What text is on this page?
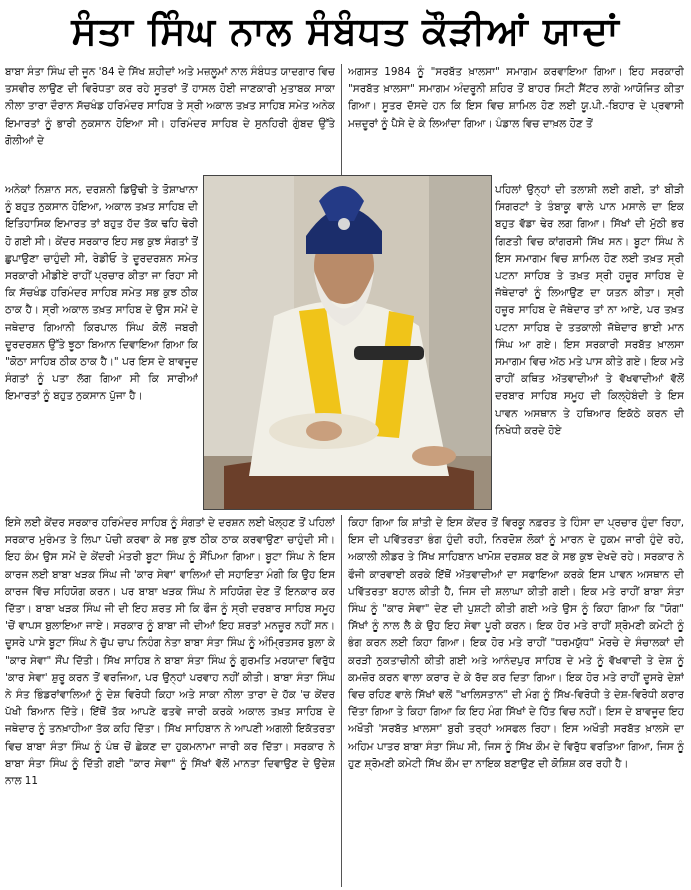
ਸੰਤਾ ਸਿੰਘ ਨਾਲ ਸੰਬੰਧਤ ਕੌੜੀਆਂ ਯਾਦਾਂ

ਬਾਬਾ ਸੰਤਾ ਸਿੰਘ ਦੀ ਜੂਨ '84 ਦੇ ਸਿੱਖ ਸ਼ਹੀਦਾਂ ਅਤੇ ਮਜ਼ਲੂਮਾਂ ਨਾਲ ਸੰਬੰਧਤ ਯਾਦਗਾਰ ਵਿਚ ਤਸਵੀਰ ਲਾਉਣ ਦੀ ਵਿਰੋਧਤਾ ਕਰ ਰਹੇ ਸੂਤਰਾਂ ਤੋਂ ਹਾਸਲ ਹੋਈ ਜਾਣਕਾਰੀ ਮੁਤਾਬਕ ਸਾਕਾ ਨੀਲਾ ਤਾਰਾ ਦੌਰਾਨ ਸੱਚਖੰਡ ਹਰਿਮੰਦਰ ਸਾਹਿਬ ਤੇ ਸ੍ਰੀ ਅਕਾਲ ਤਖ਼ਤ ਸਾਹਿਬ ਸਮੇਤ ਅਨੇਕ ਇਮਾਰਤਾਂ ਨੂੰ ਭਾਰੀ ਨੁਕਸਾਨ ਹੋਇਆ ਸੀ। ਹਰਿਮੰਦਰ ਸਾਹਿਬ ਦੇ ਸੁਨਹਿਰੀ ਗੁੰਬਦ ਉੱਤੇ ਗੋਲੀਆਂ ਦੇ

ਅਗਸਤ 1984 ਨੂੰ "ਸਰਬੱਤ ਖ਼ਾਲਸਾ" ਸਮਾਗਮ ਕਰਵਾਇਆ ਗਿਆ। ਇਹ ਸਰਕਾਰੀ "ਸਰਬੱਤ ਖ਼ਾਲਸਾ" ਸਮਾਗਮ ਅੰਦਰੂਨੀ ਸ਼ਹਿਰ ਤੋਂ ਬਾਹਰ ਸਿਟੀ ਸੈਂਟਰ ਲਾਗੇ ਆਯੋਜਿਤ ਕੀਤਾ ਗਿਆ। ਸੂਤਰ ਦੱਸਦੇ ਹਨ ਕਿ ਇਸ ਵਿਚ ਸ਼ਾਮਿਲ ਹੋਣ ਲਈ ਯੂ.ਪੀ.-ਬਿਹਾਰ ਦੇ ਪ੍ਰਵਾਸੀ ਮਜ਼ਦੂਰਾਂ ਨੂੰ ਪੈਸੇ ਦੇ ਕੇ ਲਿਆਂਦਾ ਗਿਆ। ਪੰਡਾਲ ਵਿਚ ਦਾਖ਼ਲ ਹੋਣ ਤੋਂ

ਅਨੇਕਾਂ ਨਿਸ਼ਾਨ ਸਨ, ਦਰਸ਼ਨੀ ਡਿਉਢੀ ਤੇ ਤੋਸ਼ਾਖਾਨਾ ਨੂੰ ਬਹੁਤ ਨੁਕਸਾਨ ਹੋਇਆ, ਅਕਾਲ ਤਖ਼ਤ ਸਾਹਿਬ ਦੀ ਇਤਿਹਾਸਿਕ ਇਮਾਰਤ ਤਾਂ ਬਹੁਤ ਹੱਦ ਤੱਕ ਢਹਿ ਢੇਰੀ ਹੋ ਗਈ ਸੀ। ਕੇਂਦਰ ਸਰਕਾਰ ਇਹ ਸਭ ਕੁਝ ਸੰਗਤਾਂ ਤੋਂ ਛੁਪਾਉਣਾ ਚਾਹੁੰਦੀ ਸੀ, ਰੇਡੀਓ ਤੇ ਦੂਰਦਰਸ਼ਨ ਸਮੇਤ ਸਰਕਾਰੀ ਮੀਡੀਏ ਰਾਹੀਂ ਪ੍ਰਚਾਰ ਕੀਤਾ ਜਾ ਰਿਹਾ ਸੀ ਕਿ ਸੱਚਖੰਡ ਹਰਿਮੰਦਰ ਸਾਹਿਬ ਸਮੇਤ ਸਭ ਕੁਝ ਠੀਕ ਠਾਕ ਹੈ। ਸ੍ਰੀ ਅਕਾਲ ਤਖ਼ਤ ਸਾਹਿਬ ਦੇ ਉਸ ਸਮੇਂ ਦੇ ਜਥੇਦਾਰ ਗਿਆਨੀ ਕਿਰਪਾਲ ਸਿੰਘ ਕੋਲੋਂ ਜਬਰੀ ਦੂਰਦਰਸ਼ਨ ਉੱਤੇ ਝੂਠਾ ਬਿਆਨ ਦਿਵਾਇਆ ਗਿਆ ਕਿ "ਕੋਠਾ ਸਾਹਿਬ ਠੀਕ ਠਾਕ ਹੈ।" ਪਰ ਇਸ ਦੇ ਬਾਵਜੂਦ ਸੰਗਤਾਂ ਨੂੰ ਪਤਾ ਲੱਗ ਗਿਆ ਸੀ ਕਿ ਸਾਰੀਆਂ ਇਮਾਰਤਾਂ ਨੂੰ ਬਹੁਤ ਨੁਕਸਾਨ ਪੁੱਜਾ ਹੈ।

ਪਹਿਲਾਂ ਉਨ੍ਹਾਂ ਦੀ ਤਲਾਸ਼ੀ ਲਈ ਗਈ, ਤਾਂ ਬੀੜੀ ਸਿਗਰਟਾਂ ਤੇ ਤੰਬਾਕੂ ਵਾਲੇ ਪਾਨ ਮਸਾਲੇ ਦਾ ਇਕ ਬਹੁਤ ਵੱਡਾ ਢੇਰ ਲਗ ਗਿਆ। ਸਿੱਖਾਂ ਦੀ ਮੁੱਠੀ ਭਰ ਗਿਣਤੀ ਵਿਚ ਕਾਂਗਰਸੀ ਸਿੱਖ ਸਨ। ਬੂਟਾ ਸਿੰਘ ਨੇ ਇਸ ਸਮਾਗਮ ਵਿਚ ਸ਼ਾਮਿਲ ਹੋਣ ਲਈ ਤਖ਼ਤ ਸ੍ਰੀ ਪਟਨਾ ਸਾਹਿਬ ਤੇ ਤਖ਼ਤ ਸ੍ਰੀ ਹਜ਼ੂਰ ਸਾਹਿਬ ਦੇ ਜੱਥੇਦਾਰਾਂ ਨੂੰ ਲਿਆਉਣ ਦਾ ਯਤਨ ਕੀਤਾ। ਸ੍ਰੀ ਹਜ਼ੂਰ ਸਾਹਿਬ ਦੇ ਜੱਥੇਦਾਰ ਤਾਂ ਨਾ ਆਏ, ਪਰ ਤਖ਼ਤ ਪਟਨਾ ਸਾਹਿਬ ਦੇ ਤਤਕਾਲੀ ਜੱਥੇਦਾਰ ਭਾਈ ਮਾਨ ਸਿੰਘ ਆ ਗਏ। ਇਸ ਸਰਕਾਰੀ ਸਰਬੱਤ ਖ਼ਾਲਸਾ ਸਮਾਗਮ ਵਿਚ ਅੱਠ ਮਤੇ ਪਾਸ ਕੀਤੇ ਗਏ। ਇਕ ਮਤੇ ਰਾਹੀਂ ਕਥਿਤ ਅੱਤਵਾਦੀਆਂ ਤੇ ਵੱਖਵਾਦੀਆਂ ਵੱਲੋਂ ਦਰਬਾਰ ਸਾਹਿਬ ਸਮੂਹ ਦੀ ਕਿਲ੍ਹੇਬੰਦੀ ਤੇ ਇਸ ਪਾਵਨ ਅਸਥਾਨ ਤੇ ਹਥਿਆਰ ਇਕੱਠੇ ਕਰਨ ਦੀ ਨਿਖੇਧੀ ਕਰਦੇ ਹੋਏ

ਇਸੇ ਲਈ ਕੇਂਦਰ ਸਰਕਾਰ ਹਰਿਮੰਦਰ ਸਾਹਿਬ ਨੂੰ ਸੰਗਤਾਂ ਦੇ ਦਰਸ਼ਨ ਲਈ ਖੋਲ੍ਹਣ ਤੋਂ ਪਹਿਲਾਂ ਸਰਕਾਰ ਮੁਰੰਮਤ ਤੇ ਲਿਪਾ ਪੋਚੀ ਕਰਵਾ ਕੇ ਸਭ ਕੁਝ ਠੀਕ ਠਾਕ ਕਰਵਾਉਣਾ ਚਾਹੁੰਦੀ ਸੀ। ਇਹ ਕੰਮ ਉਸ ਸਮੇਂ ਦੇ ਕੇਂਦਰੀ ਮੰਤਰੀ ਬੂਟਾ ਸਿੰਘ ਨੂੰ ਸੌਂਪਿਆ ਗਿਆ। ਬੂਟਾ ਸਿੰਘ ਨੇ ਇਸ ਕਾਰਜ ਲਈ ਬਾਬਾ ਖੜਕ ਸਿੰਘ ਜੀ 'ਕਾਰ ਸੇਵਾ' ਵਾਲਿਆਂ ਦੀ ਸਹਾਇਤਾ ਮੰਗੀ ਕਿ ਉਹ ਇਸ ਕਾਰਜ ਵਿੱਚ ਸਹਿਯੋਗ ਕਰਨ। ਪਰ ਬਾਬਾ ਖੜਕ ਸਿੰਘ ਨੇ ਸਹਿਯੋਗ ਦੇਣ ਤੋਂ ਇਨਕਾਰ ਕਰ ਦਿੱਤਾ। ਬਾਬਾ ਖੜਕ ਸਿੰਘ ਜੀ ਦੀ ਇਹ ਸ਼ਰਤ ਸੀ ਕਿ ਫੌਜ ਨੂੰ ਸ੍ਰੀ ਦਰਬਾਰ ਸਾਹਿਬ ਸਮੂਹ 'ਚੋਂ ਵਾਪਸ ਬੁਲਾਇਆ ਜਾਏ। ਸਰਕਾਰ ਨੂੰ ਬਾਬਾ ਜੀ ਦੀਆਂ ਇਹ ਸ਼ਰਤਾਂ ਮਨਜ਼ੂਰ ਨਹੀਂ ਸਨ। ਦੂਸਰੇ ਪਾਸੇ ਬੂਟਾ ਸਿੰਘ ਨੇ ਚੁੱਪ ਚਾਪ ਨਿਹੰਗ ਨੇਤਾ ਬਾਬਾ ਸੰਤਾ ਸਿੰਘ ਨੂੰ ਅੰਮ੍ਰਿਤਸਰ ਬੁਲਾ ਕੇ "ਕਾਰ ਸੇਵਾ" ਸੌਂਪ ਦਿੱਤੀ। ਸਿੱਖ ਸਾਹਿਬ ਨੇ ਬਾਬਾ ਸੰਤਾ ਸਿੰਘ ਨੂੰ ਗੁਰਮਤਿ ਮਰਯਾਦਾ ਵਿਰੁੱਧ 'ਕਾਰ ਸੇਵਾ' ਸ਼ੁਰੂ ਕਰਨ ਤੋਂ ਵਰਜਿਆ, ਪਰ ਉਨ੍ਹਾਂ ਪਰਵਾਹ ਨਹੀਂ ਕੀਤੀ। ਬਾਬਾ ਸੰਤਾ ਸਿੰਘ ਨੇ ਸੰਤ ਭਿੰਡਰਾਂਵਾਲਿਆਂ ਨੂੰ ਦੇਸ਼ ਵਿਰੋਧੀ ਕਿਹਾ ਅਤੇ ਸਾਕਾ ਨੀਲਾ ਤਾਰਾ ਦੇ ਹੱਕ 'ਚ ਕੇਂਦਰ ਪੱਖੀ ਬਿਆਨ ਦਿੱਤੇ। ਇੱਥੋਂ ਤੱਕ ਆਪਣੇ ਫਤਵੇ ਜਾਰੀ ਕਰਕੇ ਅਕਾਲ ਤਖ਼ਤ ਸਾਹਿਬ ਦੇ ਜਥੇਦਾਰ ਨੂੰ ਤਨਖ਼ਾਹੀਆ ਤੱਕ ਕਹਿ ਦਿੱਤਾ। ਸਿੱਖ ਸਾਹਿਬਾਨ ਨੇ ਆਪਣੀ ਅਗਲੀ ਇਕੱਤਰਤਾ ਵਿਚ ਬਾਬਾ ਸੰਤਾ ਸਿੰਘ ਨੂੰ ਪੰਥ ਚੋਂ ਛੇਕਣ ਦਾ ਹੁਕਮਨਾਮਾ ਜਾਰੀ ਕਰ ਦਿੱਤਾ। ਸਰਕਾਰ ਨੇ ਬਾਬਾ ਸੰਤਾ ਸਿੰਘ ਨੂੰ ਦਿੱਤੀ ਗਈ "ਕਾਰ ਸੇਵਾ" ਨੂੰ ਸਿੱਖਾਂ ਵੱਲੋਂ ਮਾਨਤਾ ਦਿਵਾਉਣ ਦੇ ਉਦੇਸ਼ ਨਾਲ 11

ਕਿਹਾ ਗਿਆ ਕਿ ਸ਼ਾਂਤੀ ਦੇ ਇਸ ਕੇਂਦਰ ਤੋਂ ਵਿਰਕੂ ਨਫ਼ਰਤ ਤੇ ਹਿੰਸਾ ਦਾ ਪ੍ਰਚਾਰ ਹੁੰਦਾ ਰਿਹਾ, ਇਸ ਦੀ ਪਵਿੱਤਰਤਾ ਭੰਗ ਹੁੰਦੀ ਰਹੀ, ਨਿਰਦੋਸ਼ ਲੋਕਾਂ ਨੂੰ ਮਾਰਨ ਦੇ ਹੁਕਮ ਜਾਰੀ ਹੁੰਦੇ ਰਹੇ, ਅਕਾਲੀ ਲੀਡਰ ਤੇ ਸਿੱਖ ਸਾਹਿਬਾਨ ਖਾਮੋਸ਼ ਦਰਸ਼ਕ ਬਣ ਕੇ ਸਭ ਕੁਝ ਦੇਖਦੇ ਰਹੇ। ਸਰਕਾਰ ਨੇ ਫੌਜੀ ਕਾਰਵਾਈ ਕਰਕੇ ਇੱਥੋਂ ਅੱਤਵਾਦੀਆਂ ਦਾ ਸਫਾਇਆ ਕਰਕੇ ਇਸ ਪਾਵਨ ਅਸਥਾਨ ਦੀ ਪਵਿੱਤਰਤਾ ਬਹਾਲ ਕੀਤੀ ਹੈ, ਜਿਸ ਦੀ ਸ਼ਲਾਘਾ ਕੀਤੀ ਗਈ। ਇਕ ਮਤੇ ਰਾਹੀਂ ਬਾਬਾ ਸੰਤਾ ਸਿੰਘ ਨੂੰ "ਕਾਰ ਸੇਵਾ" ਦੇਣ ਦੀ ਪੁਸ਼ਟੀ ਕੀਤੀ ਗਈ ਅਤੇ ਉਸ ਨੂੰ ਕਿਹਾ ਗਿਆ ਕਿ "ਯੋਗ" ਸਿੱਖਾਂ ਨੂੰ ਨਾਲ ਲੈ ਕੇ ਉਹ ਇਹ ਸੇਵਾ ਪੂਰੀ ਕਰਨ। ਇਕ ਹੋਰ ਮਤੇ ਰਾਹੀਂ ਸ਼੍ਰੋਮਣੀ ਕਮੇਟੀ ਨੂੰ ਭੰਗ ਕਰਨ ਲਈ ਕਿਹਾ ਗਿਆ। ਇਕ ਹੋਰ ਮਤੇ ਰਾਹੀਂ "ਧਰਮਯੁੱਧ" ਮੋਰਚੇ ਦੇ ਸੰਚਾਲਕਾਂ ਦੀ ਕਰੜੀ ਨੁਕਤਾਚੀਨੀ ਕੀਤੀ ਗਈ ਅਤੇ ਆਨੰਦਪੁਰ ਸਾਹਿਬ ਦੇ ਮਤੇ ਨੂੰ ਵੱਖਵਾਦੀ ਤੇ ਦੇਸ਼ ਨੂੰ ਕਮਜ਼ੋਰ ਕਰਨ ਵਾਲਾ ਕਰਾਰ ਦੇ ਕੇ ਰੱਦ ਕਰ ਦਿਤਾ ਗਿਆ। ਇਕ ਹੋਰ ਮਤੇ ਰਾਹੀਂ ਦੂਸਰੇ ਦੇਸ਼ਾਂ ਵਿਚ ਰਹਿਣ ਵਾਲੇ ਸਿੱਖਾਂ ਵਲੋਂ "ਖਾਲਿਸਤਾਨ" ਦੀ ਮੰਗ ਨੂੰ ਸਿੱਖ-ਵਿਰੋਧੀ ਤੇ ਦੇਸ਼-ਵਿਰੋਧੀ ਕਰਾਰ ਦਿੱਤਾ ਗਿਆ ਤੇ ਕਿਹਾ ਗਿਆ ਕਿ ਇਹ ਮੰਗ ਸਿੱਖਾਂ ਦੇ ਹਿੱਤ ਵਿਚ ਨਹੀਂ। ਇਸ ਦੇ ਬਾਵਜੂਦ ਇਹ ਅਖੌਤੀ 'ਸਰਬੱਤ ਖ਼ਾਲਸਾ' ਬੁਰੀ ਤਰ੍ਹਾਂ ਅਸਫਲ ਰਿਹਾ। ਇਸ ਅਖੌਤੀ ਸਰਬੱਤ ਖ਼ਾਲਸੇ ਦਾ ਅਹਿਮ ਪਾਤਰ ਬਾਬਾ ਸੰਤਾ ਸਿੰਘ ਸੀ, ਜਿਸ ਨੂੰ ਸਿੱਖ ਕੌਮ ਦੇ ਵਿਰੁੱਧ ਵਰਤਿਆ ਗਿਆ, ਜਿਸ ਨੂੰ ਹੁਣ ਸ਼੍ਰੋਮਣੀ ਕਮੇਟੀ ਸਿੱਖ ਕੌਮ ਦਾ ਨਾਇਕ ਬਣਾਉਣ ਦੀ ਕੋਸ਼ਿਸ਼ ਕਰ ਰਹੀ ਹੈ।
